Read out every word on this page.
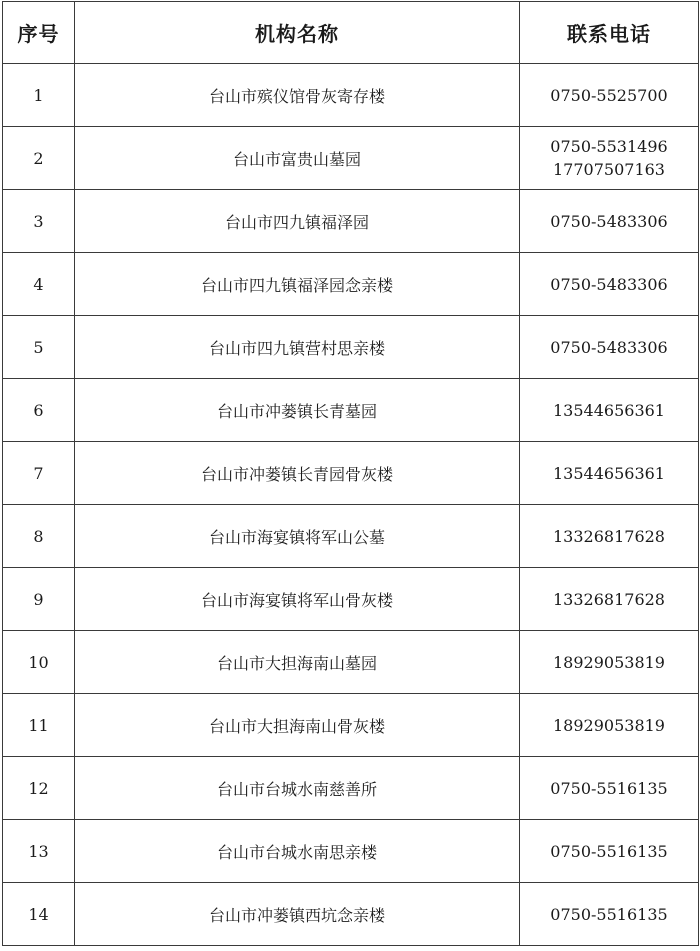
序号	机构名称	联系电话
1	台山市殡仪馆骨灰寄存楼	0750-5525700

2	台山市富贵山墓园	0750-5531496
17707507163

3	台山市四九镇福泽园	0750-5483306

4	台山市四九镇福泽园念亲楼	0750-5483306

5	台山市四九镇营村思亲楼	0750-5483306

6	台山市冲蒌镇长青墓园	13544656361

7	台山市冲蒌镇长青园骨灰楼	13544656361

8	台山市海宴镇将军山公墓	13326817628

9	台山市海宴镇将军山骨灰楼	13326817628

10	台山市大担海南山墓园	18929053819

11	台山市大担海南山骨灰楼	18929053819

12	台山市台城水南慈善所	0750-5516135

13	台山市台城水南思亲楼	0750-5516135

14	台山市冲蒌镇西坑念亲楼	0750-5516135
